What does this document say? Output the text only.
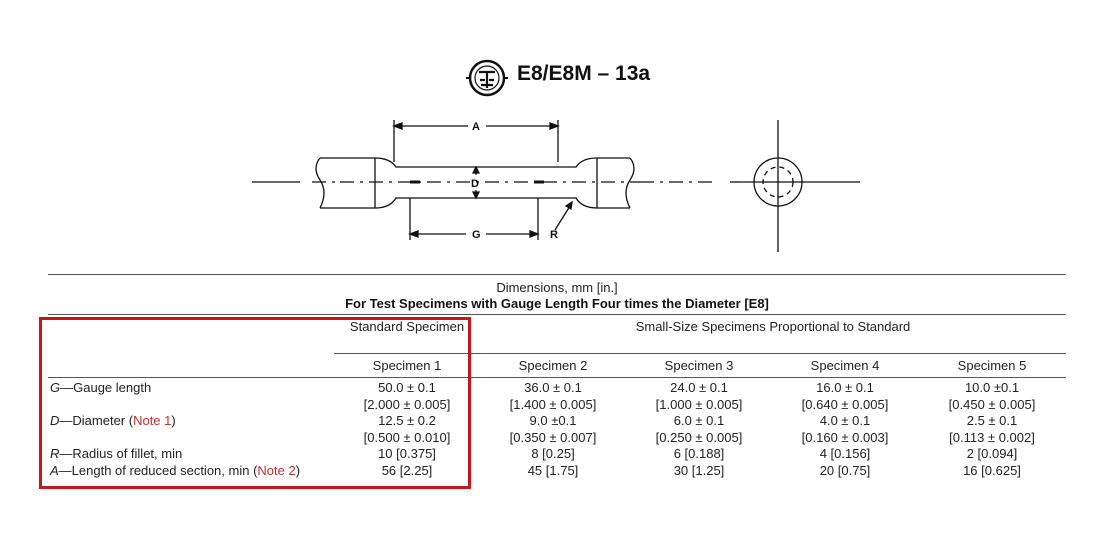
E8/E8M – 13a
A
D
G	R
Dimensions, mm [in.]
For Test Specimens with Gauge Length Four times the Diameter [E8]
Standard Specimen	Small-Size Specimens Proportional to Standard
Specimen 1	Specimen 2	Specimen 3	Specimen 4	Specimen 5
G—Gauge length	50.0 ± 0.1	36.0 ± 0.1	24.0 ± 0.1	16.0 ± 0.1	10.0 ±0.1
[2.000 ± 0.005]	[1.400 ± 0.005]	[1.000 ± 0.005]	[0.640 ± 0.005]	[0.450 ± 0.005]
D—Diameter (Note 1)	12.5 ± 0.2	9.0 ±0.1	6.0 ± 0.1	4.0 ± 0.1	2.5 ± 0.1
[0.500 ± 0.010]	[0.350 ± 0.007]	[0.250 ± 0.005]	[0.160 ± 0.003]	[0.113 ± 0.002]
R—Radius of fillet, min	10 [0.375]	8 [0.25]	6 [0.188]	4 [0.156]	2 [0.094]
A—Length of reduced section, min (Note 2)	56 [2.25]	45 [1.75]	30 [1.25]	20 [0.75]	16 [0.625]
